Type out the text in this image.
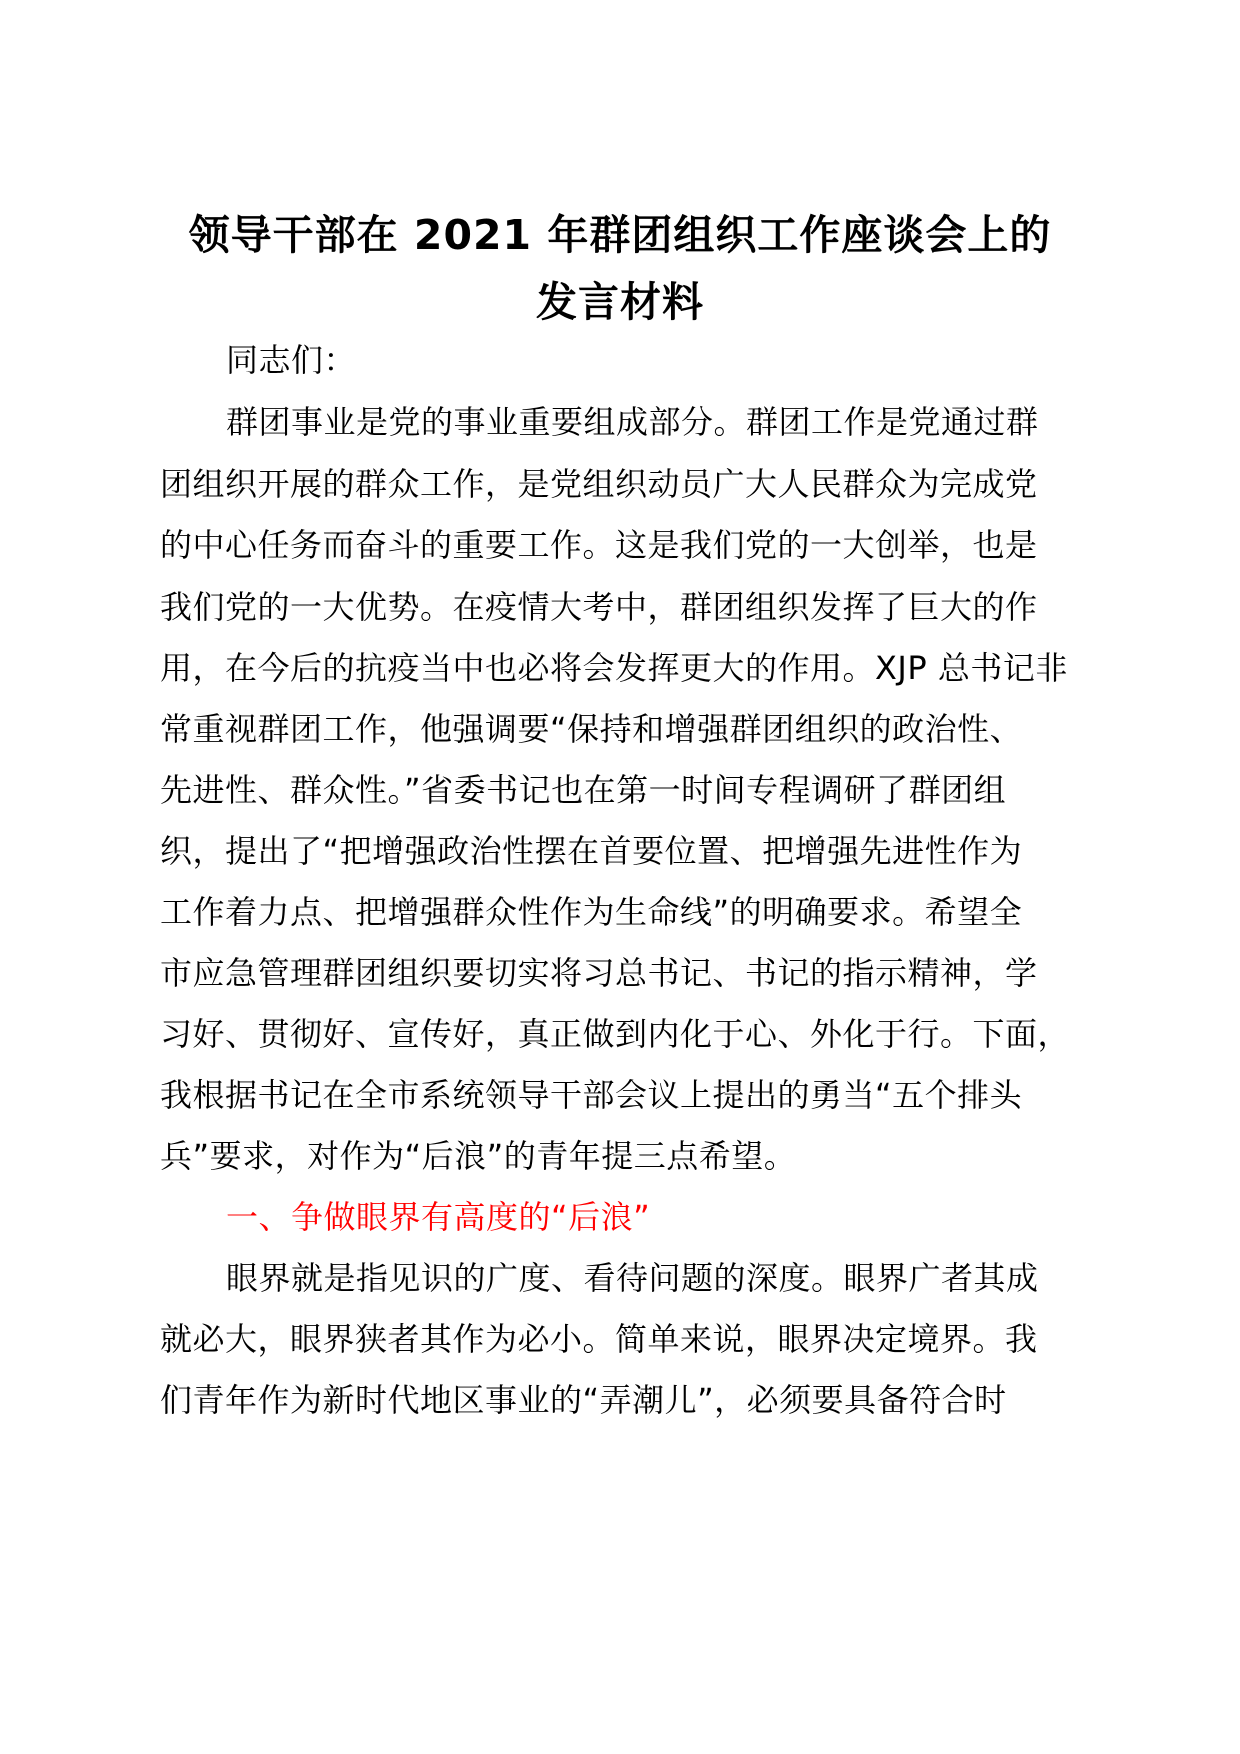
领导干部在 2021 年群团组织工作座谈会上的
发言材料
同志们：
群团事业是党的事业重要组成部分。群团工作是党通过群
团组织开展的群众工作，是党组织动员广大人民群众为完成党
的中心任务而奋斗的重要工作。这是我们党的一大创举，也是
我们党的一大优势。在疫情大考中，群团组织发挥了巨大的作
用，在今后的抗疫当中也必将会发挥更大的作用。XJP 总书记非
常重视群团工作，他强调要“保持和增强群团组织的政治性、
先进性、群众性。”省委书记也在第一时间专程调研了群团组
织，提出了“把增强政治性摆在首要位置、把增强先进性作为
工作着力点、把增强群众性作为生命线”的明确要求。希望全
市应急管理群团组织要切实将习总书记、书记的指示精神，学
习好、贯彻好、宣传好，真正做到内化于心、外化于行。下面，
我根据书记在全市系统领导干部会议上提出的勇当“五个排头
兵”要求，对作为“后浪”的青年提三点希望。
一、争做眼界有高度的“后浪”
眼界就是指见识的广度、看待问题的深度。眼界广者其成
就必大，眼界狭者其作为必小。简单来说，眼界决定境界。我
们青年作为新时代地区事业的“弄潮儿”，必须要具备符合时
